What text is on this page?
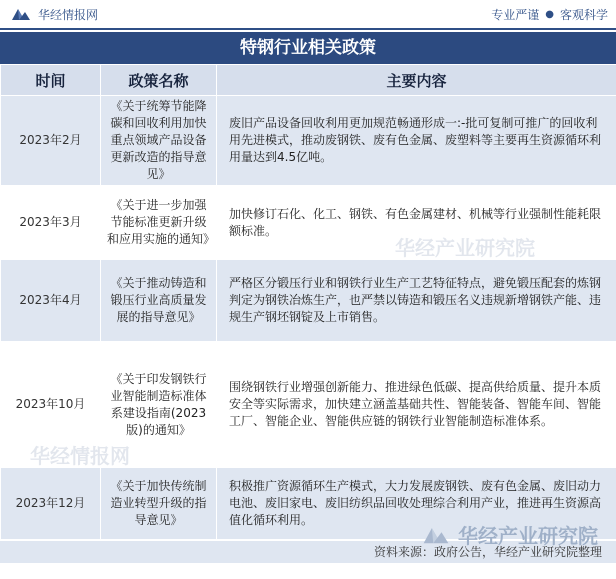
华经情报网	专业严谨 ● 客观科学
特钢行业相关政策
时间	政策名称	主要内容
2023年2月	《关于统筹节能降碳和回收利用加快重点领域产品设备更新改造的指导意见》	废旧产品设备回收利用更加规范畅通形成一:-批可复制可推广的回收利用先进模式，推动废钢铁、废有色金属、废塑料等主要再生资源循环利用量达到4.5亿吨。
2023年3月	《关于进一步加强节能标准更新升级和应用实施的通知》	加快修订石化、化工、钢铁、有色金属建材、机械等行业强制性能耗限额标准。
2023年4月	《关于推动铸造和锻压行业高质量发展的指导意见》	严格区分锻压行业和钢铁行业生产工艺特征特点，避免锻压配套的炼钢判定为钢铁冶炼生产，也严禁以铸造和锻压名义违规新增钢铁产能、违规生产钢坯钢锭及上市销售。
2023年10月	《关于印发钢铁行业智能制造标准体系建设指南(2023版)的通知》	围绕钢铁行业增强创新能力、推进绿色低碳、提高供给质量、提升本质安全等实际需求，加快建立涵盖基础共性、智能装备、智能车间、智能工厂、智能企业、智能供应链的钢铁行业智能制造标准体系。
2023年12月	《关于加快传统制造业转型升级的指导意见》	积极推广资源循环生产模式，大力发展废钢铁、废有色金属、废旧动力电池、废旧家电、废旧纺织品回收处理综合利用产业，推进再生资源高值化循环利用。
资料来源：政府公告，华经产业研究院整理
华经产业研究院
华经情报网
华经产业研究院
